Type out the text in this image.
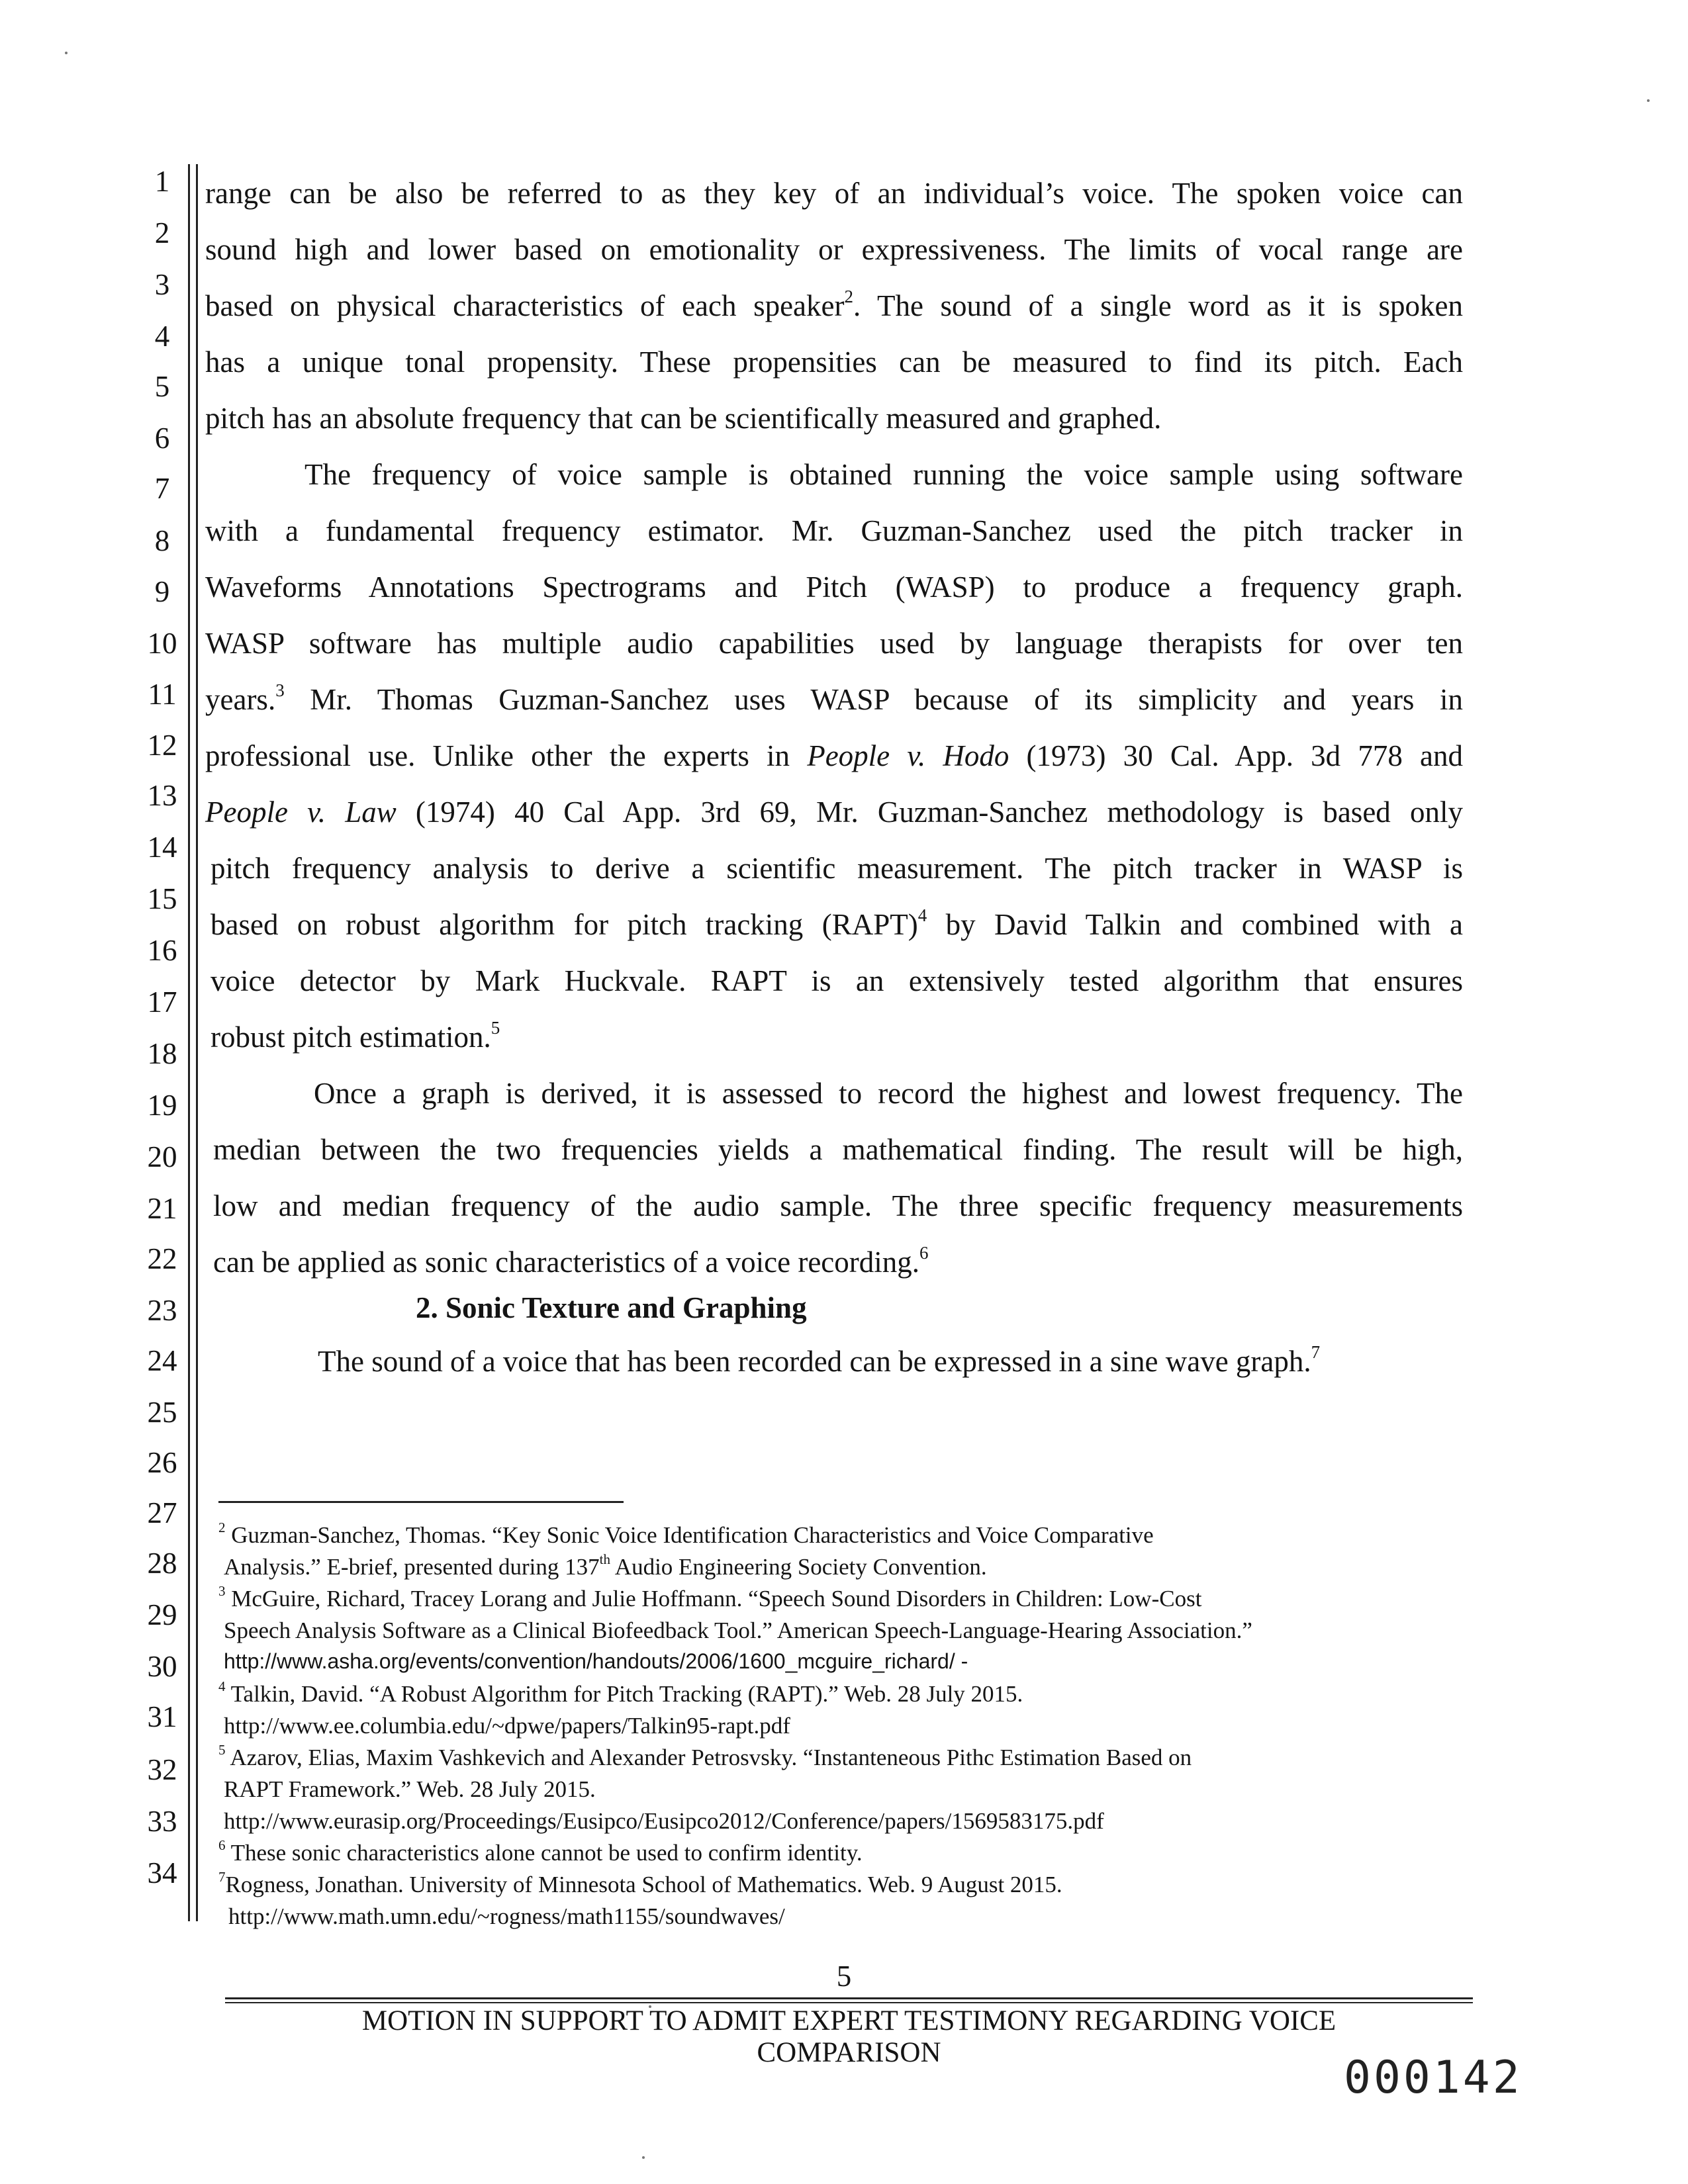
1
2
3
4
5
6
7
8
9
10
11
12
13
14
15
16
17
18
19
20
21
22
23
24
25
26
27
28
29
30
31
32
33
34
range can be also be referred to as they key of an individual’s voice. The spoken voice can
sound high and lower based on emotionality or expressiveness. The limits of vocal range are
based on physical characteristics of each speaker$^2$. The sound of a single word as it is spoken
has a unique tonal propensity. These propensities can be measured to find its pitch. Each
pitch has an absolute frequency that can be scientifically measured and graphed.
The frequency of voice sample is obtained running the voice sample using software
with a fundamental frequency estimator. Mr. Guzman-Sanchez used the pitch tracker in
Waveforms Annotations Spectrograms and Pitch (WASP) to produce a frequency graph.
WASP software has multiple audio capabilities used by language therapists for over ten
years.$^3$ Mr. Thomas Guzman-Sanchez uses WASP because of its simplicity and years in
professional use. Unlike other the experts in People v. Hodo (1973) 30 Cal. App. 3d 778 and
People v. Law (1974) 40 Cal App. 3rd 69, Mr. Guzman-Sanchez methodology is based only
pitch frequency analysis to derive a scientific measurement. The pitch tracker in WASP is
based on robust algorithm for pitch tracking (RAPT)$^4$ by David Talkin and combined with a
voice detector by Mark Huckvale. RAPT is an extensively tested algorithm that ensures
robust pitch estimation.$^5$
Once a graph is derived, it is assessed to record the highest and lowest frequency. The
median between the two frequencies yields a mathematical finding. The result will be high,
low and median frequency of the audio sample. The three specific frequency measurements
can be applied as sonic characteristics of a voice recording.$^6$
2. Sonic Texture and Graphing
The sound of a voice that has been recorded can be expressed in a sine wave graph.$^7$
$^2$ Guzman-Sanchez, Thomas. “Key Sonic Voice Identification Characteristics and Voice Comparative
Analysis.” E-brief, presented during 137th Audio Engineering Society Convention.
$^3$ McGuire, Richard, Tracey Lorang and Julie Hoffmann. “Speech Sound Disorders in Children: Low-Cost
Speech Analysis Software as a Clinical Biofeedback Tool.” American Speech-Language-Hearing Association.”
http://www.asha.org/events/convention/handouts/2006/1600_mcguire_richard/ -
$^4$ Talkin, David. “A Robust Algorithm for Pitch Tracking (RAPT).” Web. 28 July 2015.
http://www.ee.columbia.edu/~dpwe/papers/Talkin95-rapt.pdf
$^5$ Azarov, Elias, Maxim Vashkevich and Alexander Petrosvsky. “Instanteneous Pithc Estimation Based on
RAPT Framework.” Web. 28 July 2015.
http://www.eurasip.org/Proceedings/Eusipco/Eusipco2012/Conference/papers/1569583175.pdf
$^6$ These sonic characteristics alone cannot be used to confirm identity.
$^7$Rogness, Jonathan. University of Minnesota School of Mathematics. Web. 9 August 2015.
http://www.math.umn.edu/~rogness/math1155/soundwaves/
5
MOTION IN SUPPORT TO ADMIT EXPERT TESTIMONY REGARDING VOICE
COMPARISON	000142
